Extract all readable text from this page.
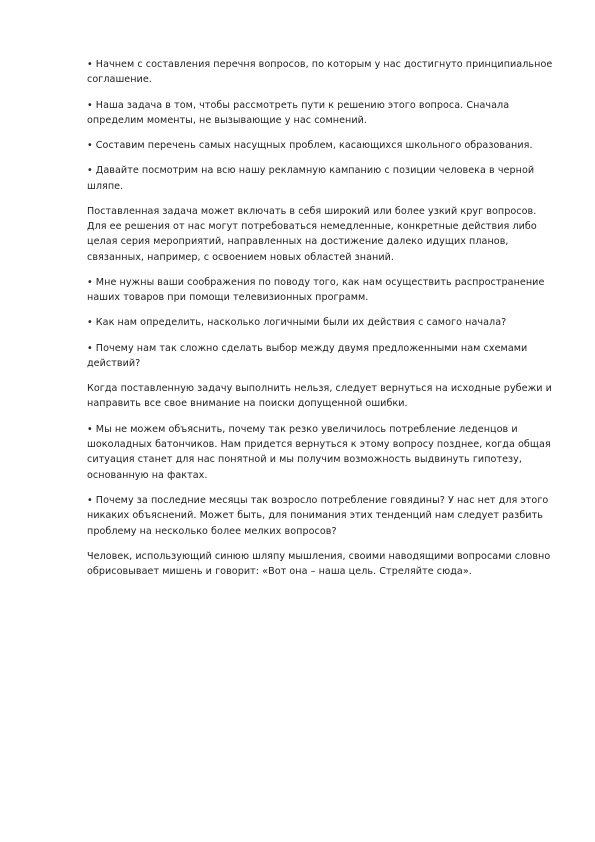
• Начнем с составления перечня вопросов, по которым у нас достигнуто принципиальное соглашение.

• Наша задача в том, чтобы рассмотреть пути к решению этого вопроса. Сначала определим моменты, не вызывающие у нас сомнений.

• Составим перечень самых насущных проблем, касающихся школьного образования.

• Давайте посмотрим на всю нашу рекламную кампанию с позиции человека в черной шляпе.

Поставленная задача может включать в себя широкий или более узкий круг вопросов. Для ее решения от нас могут потребоваться немедленные, конкретные действия либо целая серия мероприятий, направленных на достижение далеко идущих планов, связанных, например, с освоением новых областей знаний.

• Мне нужны ваши соображения по поводу того, как нам осуществить распространение наших товаров при помощи телевизионных программ.

• Как нам определить, насколько логичными были их действия с самого начала?

• Почему нам так сложно сделать выбор между двумя предложенными нам схемами действий?

Когда поставленную задачу выполнить нельзя, следует вернуться на исходные рубежи и направить все свое внимание на поиски допущенной ошибки.

• Мы не можем объяснить, почему так резко увеличилось потребление леденцов и шоколадных батончиков. Нам придется вернуться к этому вопросу позднее, когда общая ситуация станет для нас понятной и мы получим возможность выдвинуть гипотезу, основанную на фактах.

• Почему за последние месяцы так возросло потребление говядины? У нас нет для этого никаких объяснений. Может быть, для понимания этих тенденций нам следует разбить проблему на несколько более мелких вопросов?

Человек, использующий синюю шляпу мышления, своими наводящими вопросами словно обрисовывает мишень и говорит: «Вот она – наша цель. Стреляйте сюда».
